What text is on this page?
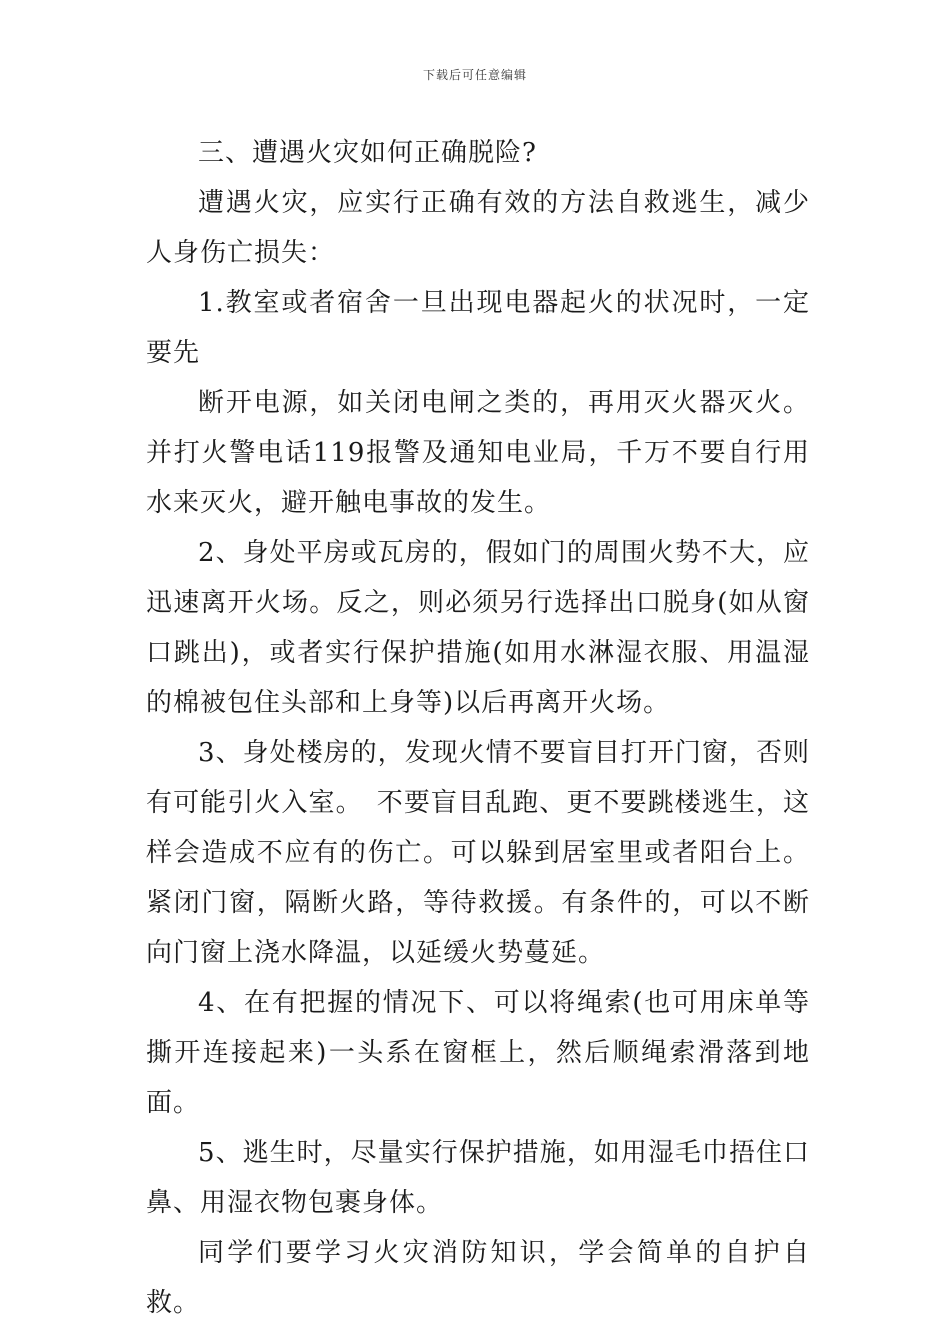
下载后可任意编辑

三、遭遇火灾如何正确脱险?

遭遇火灾，应实行正确有效的方法自救逃生，减少人身伤亡损失：

1.教室或者宿舍一旦出现电器起火的状况时，一定要先

断开电源，如关闭电闸之类的，再用灭火器灭火。并打火警电话119报警及通知电业局，千万不要自行用水来灭火，避开触电事故的发生。

2、身处平房或瓦房的，假如门的周围火势不大，应迅速离开火场。反之，则必须另行选择出口脱身(如从窗口跳出)，或者实行保护措施(如用水淋湿衣服、用温湿的棉被包住头部和上身等)以后再离开火场。

3、身处楼房的，发现火情不要盲目打开门窗，否则有可能引火入室。　不要盲目乱跑、更不要跳楼逃生，这样会造成不应有的伤亡。可以躲到居室里或者阳台上。紧闭门窗，隔断火路，等待救援。有条件的，可以不断向门窗上浇水降温，以延缓火势蔓延。

4、在有把握的情况下、可以将绳索(也可用床单等撕开连接起来)一头系在窗框上，然后顺绳索滑落到地面。

5、逃生时，尽量实行保护措施，如用湿毛巾捂住口鼻、用湿衣物包裹身体。

同学们要学习火灾消防知识，学会简单的自护自救。
